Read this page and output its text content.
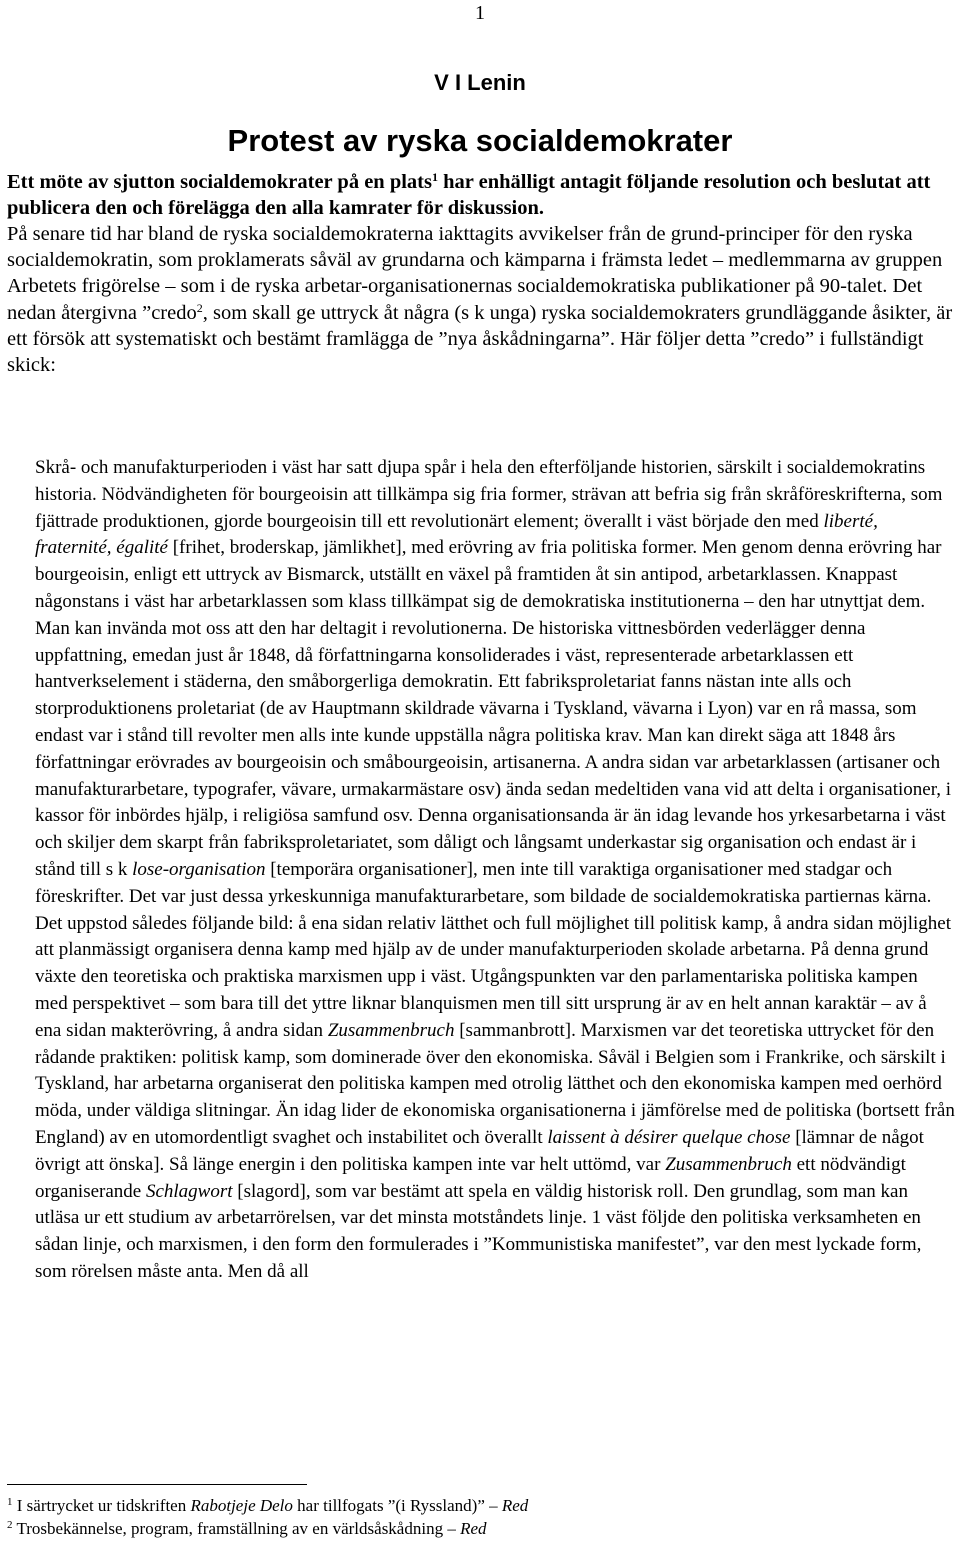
1
V I Lenin
Protest av ryska socialdemokrater

Ett möte av sjutton socialdemokrater på en plats$^1$ har enhälligt antagit följande resolution och beslutat att publicera den och förelägga den alla kamrater för diskussion.

På senare tid har bland de ryska socialdemokraterna iakttagits avvikelser från de grund-principer för den ryska socialdemokratin, som proklamerats såväl av grundarna och kämparna i främsta ledet – medlemmarna av gruppen Arbetets frigörelse – som i de ryska arbetar-organisationernas socialdemokratiska publikationer på 90-talet. Det nedan återgivna ”credo$^2$, som skall ge uttryck åt några (s k unga) ryska socialdemokraters grundläggande åsikter, är ett försök att systematiskt och bestämt framlägga de ”nya åskådningarna”. Här följer detta ”credo” i fullständigt skick:

Skrå- och manufakturperioden i väst har satt djupa spår i hela den efterföljande historien, särskilt i socialdemokratins historia. Nödvändigheten för bourgeoisin att tillkämpa sig fria former, strävan att befria sig från skråföreskrifterna, som fjättrade produktionen, gjorde bourgeoisin till ett revolutionärt element; överallt i väst började den med liberté, fraternité, égalité [frihet, broderskap, jämlikhet], med erövring av fria politiska former. Men genom denna erövring har bourgeoisin, enligt ett uttryck av Bismarck, utställt en växel på framtiden åt sin antipod, arbetarklassen. Knappast någonstans i väst har arbetarklassen som klass tillkämpat sig de demokratiska institutionerna – den har utnyttjat dem. Man kan invända mot oss att den har deltagit i revolutionerna. De historiska vittnesbörden vederlägger denna uppfattning, emedan just år 1848, då författningarna konsoliderades i väst, representerade arbetarklassen ett hantverkselement i städerna, den småborgerliga demokratin. Ett fabriksproletariat fanns nästan inte alls och storproduktionens proletariat (de av Hauptmann skildrade vävarna i Tyskland, vävarna i Lyon) var en rå massa, som endast var i stånd till revolter men alls inte kunde uppställa några politiska krav. Man kan direkt säga att 1848 års författningar erövrades av bourgeoisin och småbourgeoisin, artisanerna. A andra sidan var arbetarklassen (artisaner och manufakturarbetare, typografer, vävare, urmakarmästare osv) ända sedan medeltiden vana vid att delta i organisationer, i kassor för inbördes hjälp, i religiösa samfund osv. Denna organisationsanda är än idag levande hos yrkesarbetarna i väst och skiljer dem skarpt från fabriksproletariatet, som dåligt och långsamt underkastar sig organisation och endast är i stånd till s k lose-organisation [temporära organisationer], men inte till varaktiga organisationer med stadgar och föreskrifter. Det var just dessa yrkeskunniga manufakturarbetare, som bildade de socialdemokratiska partiernas kärna. Det uppstod således följande bild: å ena sidan relativ lätthet och full möjlighet till politisk kamp, å andra sidan möjlighet att planmässigt organisera denna kamp med hjälp av de under manufakturperioden skolade arbetarna. På denna grund växte den teoretiska och praktiska marxismen upp i väst. Utgångspunkten var den parlamentariska politiska kampen med perspektivet – som bara till det yttre liknar blanquismen men till sitt ursprung är av en helt annan karaktär – av å ena sidan makterövring, å andra sidan Zusammenbruch [sammanbrott]. Marxismen var det teoretiska uttrycket för den rådande praktiken: politisk kamp, som dominerade över den ekonomiska. Såväl i Belgien som i Frankrike, och särskilt i Tyskland, har arbetarna organiserat den politiska kampen med otrolig lätthet och den ekonomiska kampen med oerhörd möda, under väldiga slitningar. Än idag lider de ekonomiska organisationerna i jämförelse med de politiska (bortsett från England) av en utomordentligt svaghet och instabilitet och överallt laissent à désirer quelque chose [lämnar de något övrigt att önska]. Så länge energin i den politiska kampen inte var helt uttömd, var Zusammenbruch ett nödvändigt organiserande Schlagwort [slagord], som var bestämt att spela en väldig historisk roll. Den grundlag, som man kan utläsa ur ett studium av arbetarrörelsen, var det minsta motståndets linje. 1 väst följde den politiska verksamheten en sådan linje, och marxismen, i den form den formulerades i ”Kommunistiska manifestet”, var den mest lyckade form, som rörelsen måste anta. Men då all

$^1$ I särtrycket ur tidskriften Rabotjeje Delo har tillfogats ”(i Ryssland)” – Red
$^2$ Trosbekännelse, program, framställning av en världsåskådning – Red
